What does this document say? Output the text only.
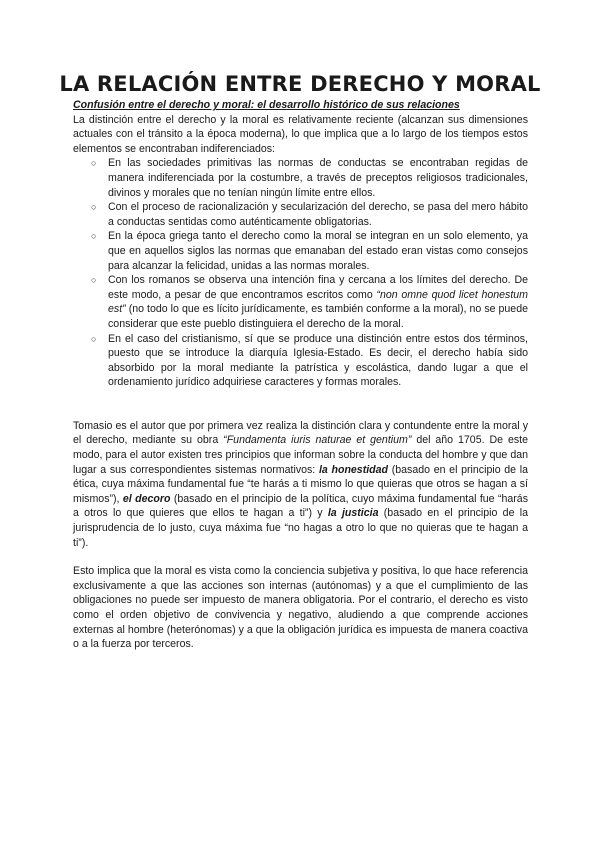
LA RELACIÓN ENTRE DERECHO Y MORAL

Confusión entre el derecho y moral: el desarrollo histórico de sus relaciones

La distinción entre el derecho y la moral es relativamente reciente (alcanzan sus dimensiones actuales con el tránsito a la época moderna), lo que implica que a lo largo de los tiempos estos elementos se encontraban indiferenciados:

○ En las sociedades primitivas las normas de conductas se encontraban regidas de manera indiferenciada por la costumbre, a través de preceptos religiosos tradicionales, divinos y morales que no tenían ningún límite entre ellos.
○ Con el proceso de racionalización y secularización del derecho, se pasa del mero hábito a conductas sentidas como auténticamente obligatorias.
○ En la época griega tanto el derecho como la moral se integran en un solo elemento, ya que en aquellos siglos las normas que emanaban del estado eran vistas como consejos para alcanzar la felicidad, unidas a las normas morales.
○ Con los romanos se observa una intención fina y cercana a los límites del derecho. De este modo, a pesar de que encontramos escritos como “non omne quod licet honestum est” (no todo lo que es lícito jurídicamente, es también conforme a la moral), no se puede considerar que este pueblo distinguiera el derecho de la moral.
○ En el caso del cristianismo, sí que se produce una distinción entre estos dos términos, puesto que se introduce la diarquía Iglesia-Estado. Es decir, el derecho había sido absorbido por la moral mediante la patrística y escolástica, dando lugar a que el ordenamiento jurídico adquiriese caracteres y formas morales.

Tomasio es el autor que por primera vez realiza la distinción clara y contundente entre la moral y el derecho, mediante su obra “Fundamenta iuris naturae et gentium” del año 1705. De este modo, para el autor existen tres principios que informan sobre la conducta del hombre y que dan lugar a sus correspondientes sistemas normativos: la honestidad (basado en el principio de la ética, cuya máxima fundamental fue “te harás a ti mismo lo que quieras que otros se hagan a sí mismos”), el decoro (basado en el principio de la política, cuyo máxima fundamental fue “harás a otros lo que quieres que ellos te hagan a ti”) y la justicia (basado en el principio de la jurisprudencia de lo justo, cuya máxima fue “no hagas a otro lo que no quieras que te hagan a ti”).

Esto implica que la moral es vista como la conciencia subjetiva y positiva, lo que hace referencia exclusivamente a que las acciones son internas (autónomas) y a que el cumplimiento de las obligaciones no puede ser impuesto de manera obligatoria. Por el contrario, el derecho es visto como el orden objetivo de convivencia y negativo, aludiendo a que comprende acciones externas al hombre (heterónomas) y a que la obligación jurídica es impuesta de manera coactiva o a la fuerza por terceros.
